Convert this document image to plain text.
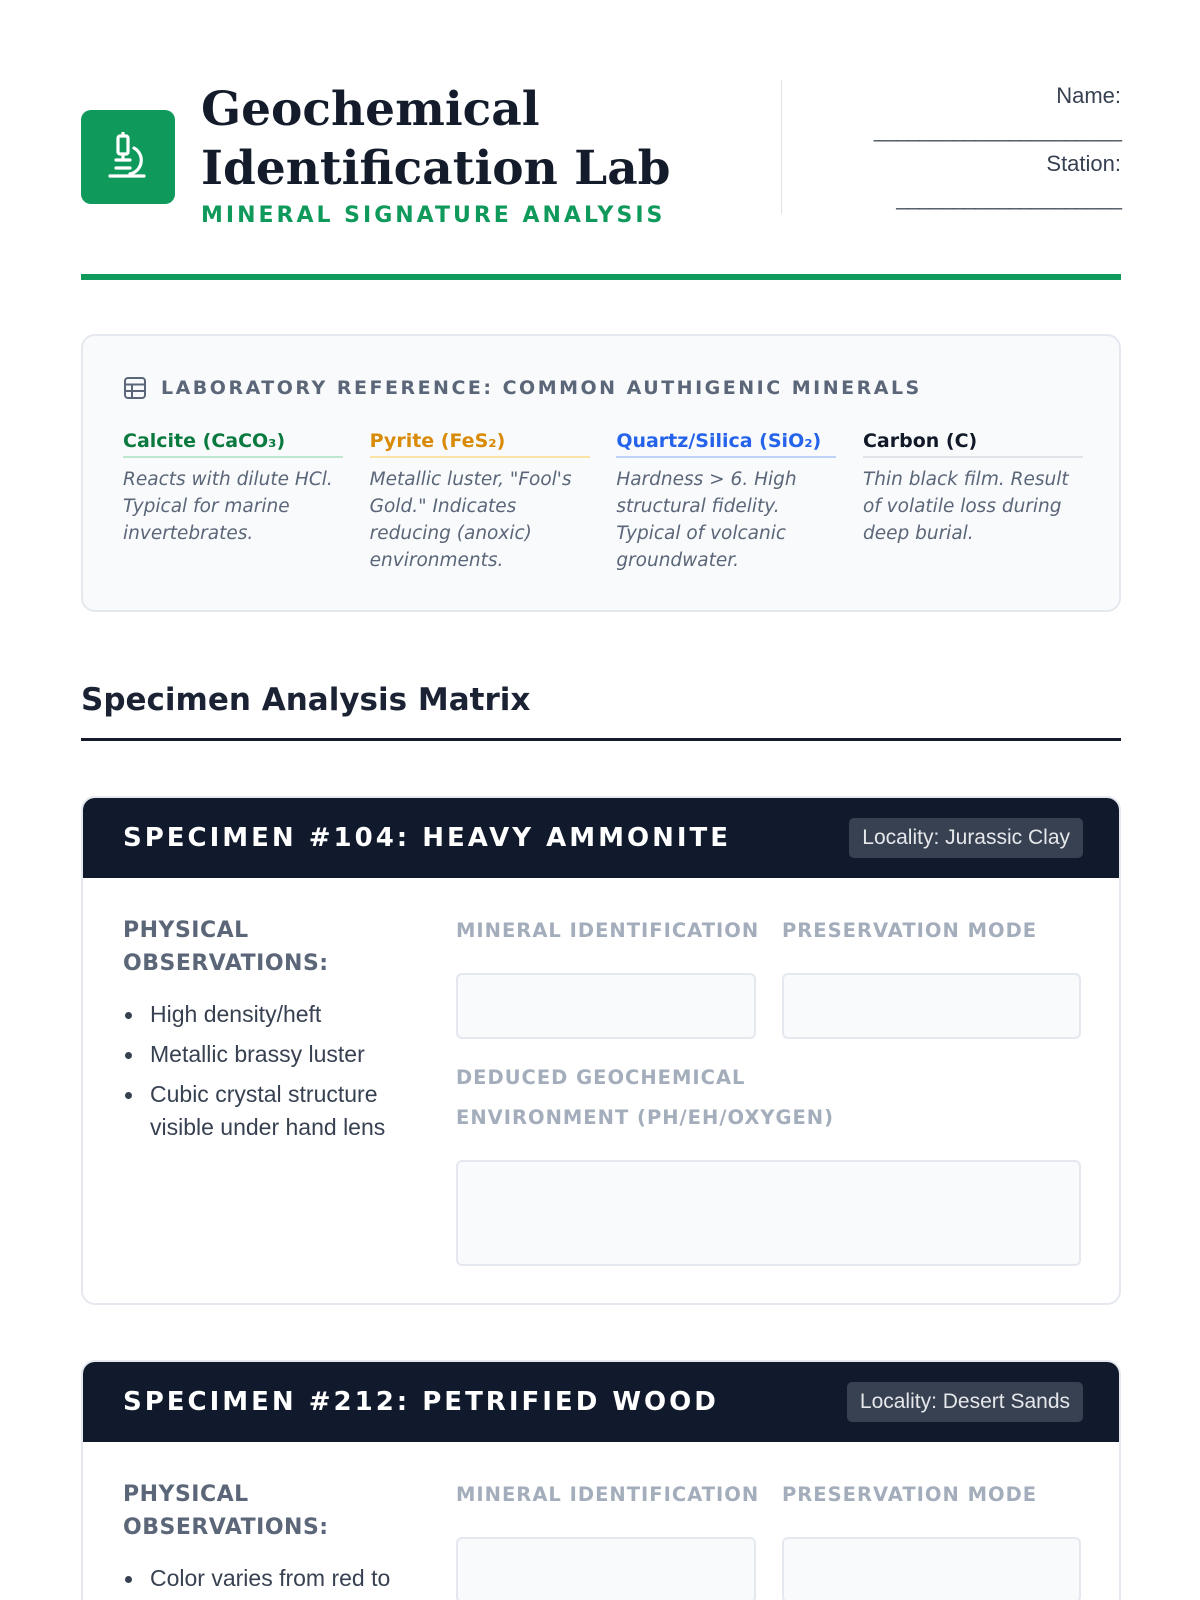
Geochemical Identification Lab
MINERAL SIGNATURE ANALYSIS
Name:
______________________
Station:
____________________
LABORATORY REFERENCE: COMMON AUTHIGENIC MINERALS
Calcite (CaCO₃)
Reacts with dilute HCl. Typical for marine invertebrates.
Pyrite (FeS₂)
Metallic luster, "Fool's Gold." Indicates reducing (anoxic) environments.
Quartz/Silica (SiO₂)
Hardness > 6. High structural fidelity. Typical of volcanic groundwater.
Carbon (C)
Thin black film. Result of volatile loss during deep burial.
Specimen Analysis Matrix
SPECIMEN #104: HEAVY AMMONITE	Locality: Jurassic Clay
PHYSICAL OBSERVATIONS:
High density/heft
Metallic brassy luster
Cubic crystal structure visible under hand lens
MINERAL IDENTIFICATION PRESERVATION MODE
DEDUCED GEOCHEMICAL ENVIRONMENT (PH/EH/OXYGEN)
SPECIMEN #212: PETRIFIED WOOD	Locality: Desert Sands
PHYSICAL OBSERVATIONS:
Color varies from red to
MINERAL IDENTIFICATION PRESERVATION MODE
